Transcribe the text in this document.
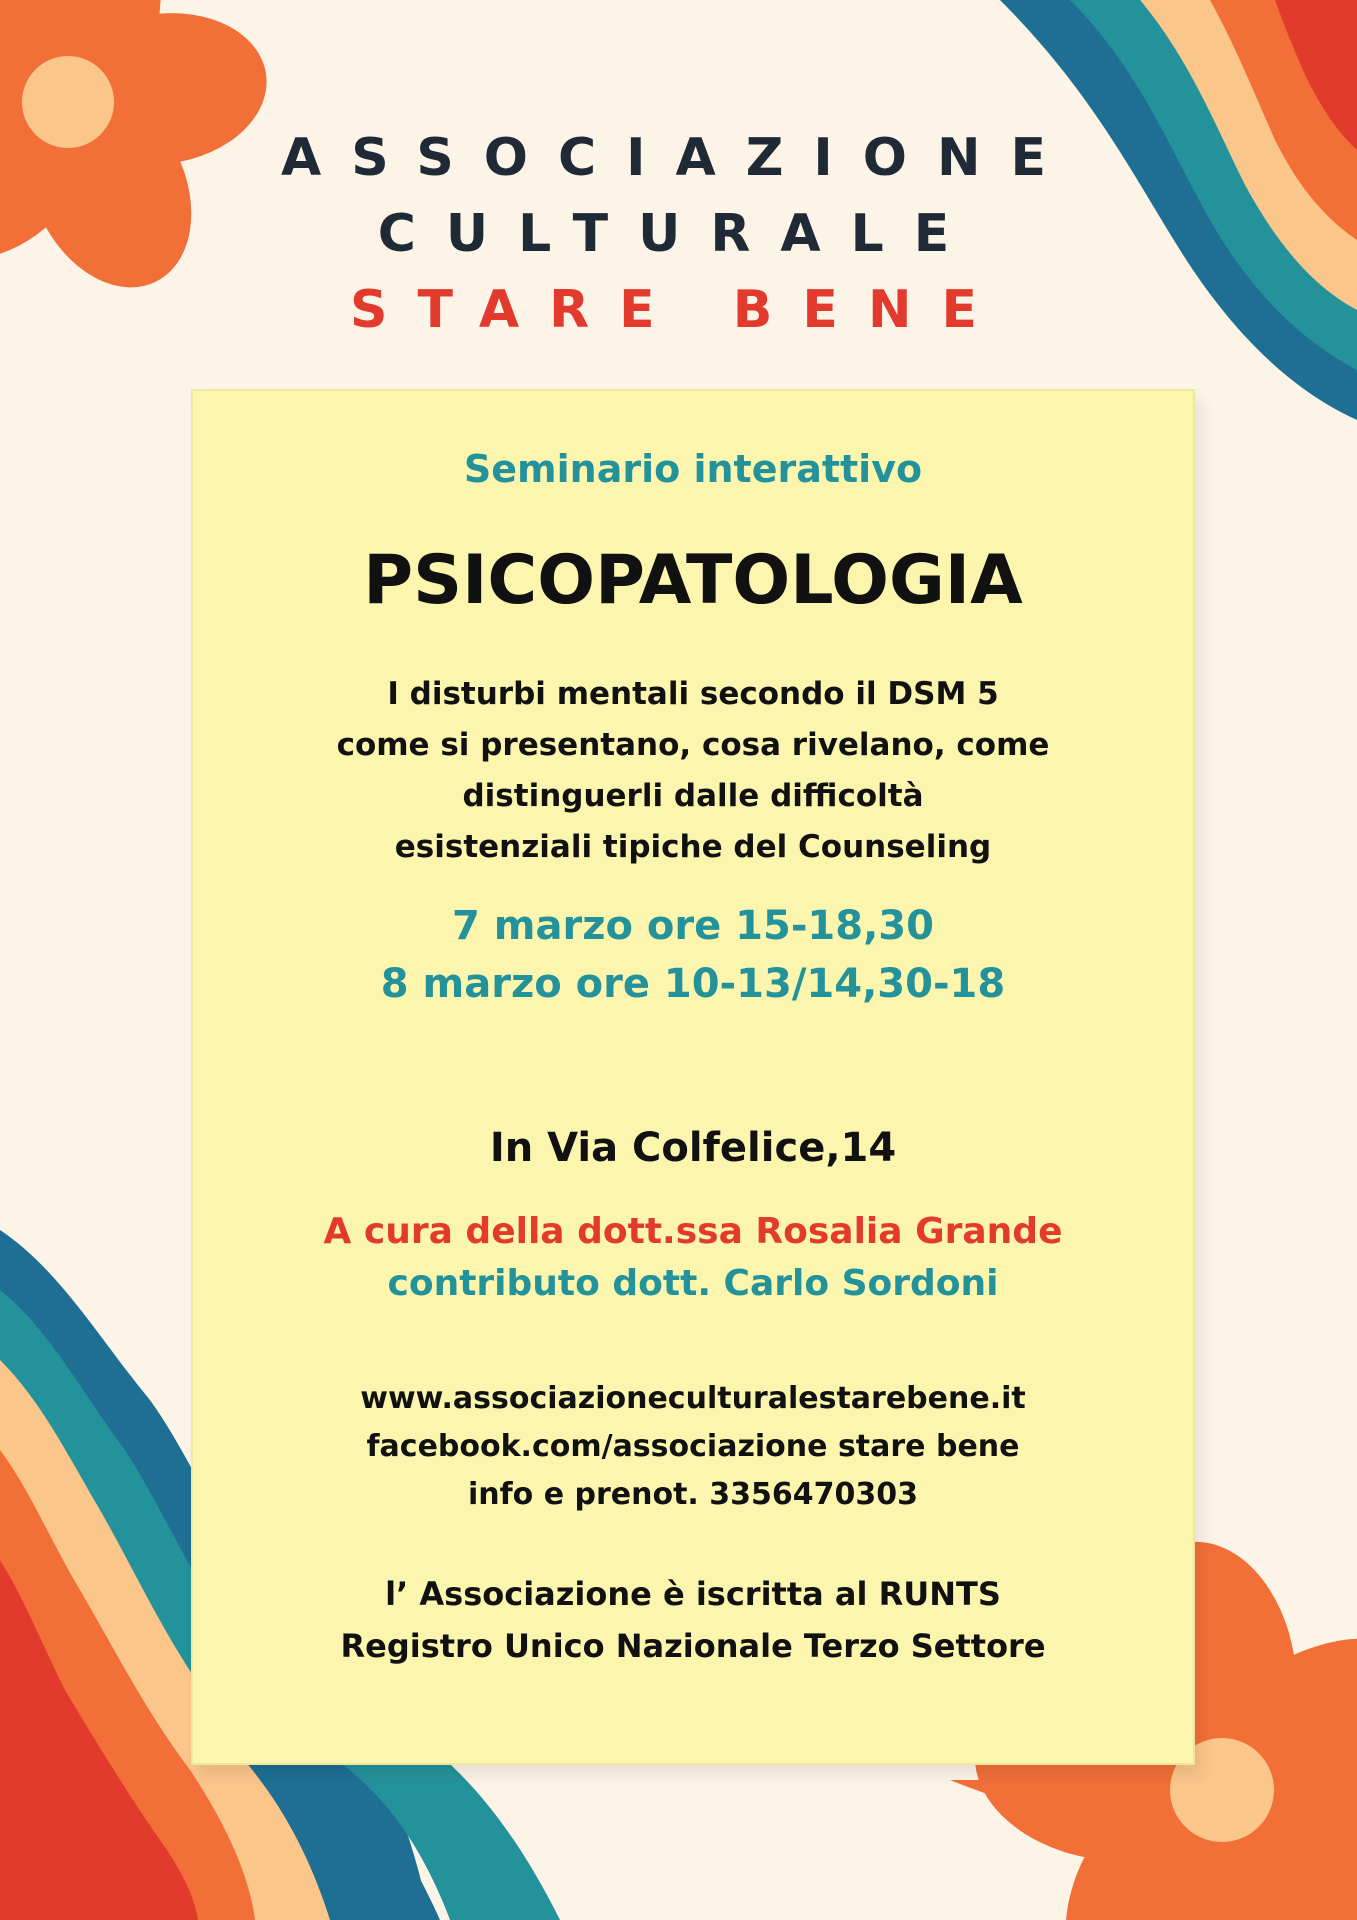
ASSOCIAZIONE
CULTURALE
STARE BENE
Seminario interattivo
PSICOPATOLOGIA
I disturbi mentali secondo il DSM 5
come si presentano, cosa rivelano, come
distinguerli dalle difficoltà
esistenziali tipiche del Counseling
7 marzo ore 15-18,30
8 marzo ore 10-13/14,30-18
In Via Colfelice,14
A cura della dott.ssa Rosalia Grande
contributo dott. Carlo Sordoni
www.associazioneculturalestarebene.it
facebook.com/associazione stare bene
info e prenot. 3356470303
l’ Associazione è iscritta al RUNTS
Registro Unico Nazionale Terzo Settore
